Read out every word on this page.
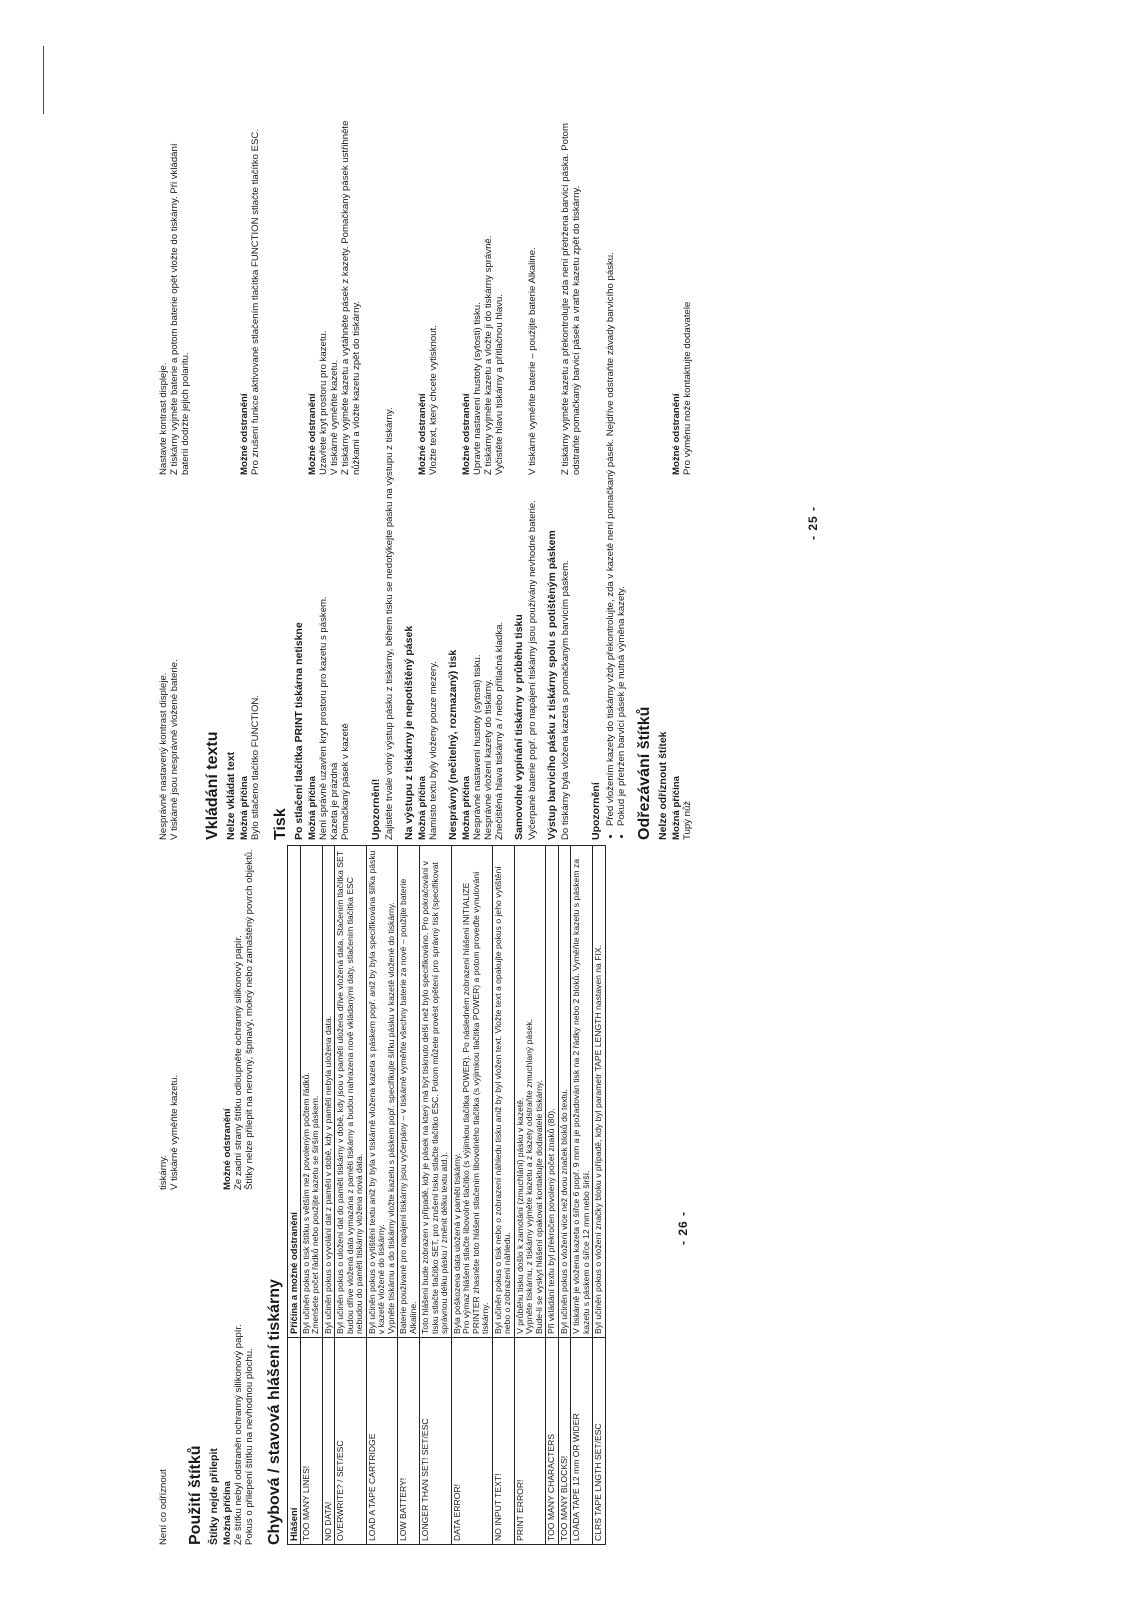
Není co odříznout
tiskárny.
V tiskárně vyměňte kazetu.
Použití štítků Štítky nejde přilepit Možná příčina
Možné odstranění
Ze štítku nebyl odstraněn ochranný silikonový papír.
Ze zadní strany štítku odloupněte ochranný silikonový papír.
Pokus o přilepení štítku na nevhodnou plochu.
Štítky nelze přilepit na nerovný, špinavý, mokrý nebo zamaštěný povrch objektů.
Chybová / stavová hlášení tiskárny Hlášení	Příčina a možné odstranění
TOO MANY LINES!	Byl učiněn pokus o tisk štítku s větším než povoleným počtem řádků.
Zmenšete počet řádků nebo použijte kazetu se širším páskem.
NO DATA!	Byl učiněn pokus o vyvolání dat z paměti v době, kdy v paměti nebyla uložena data.
OVERWRITE? / SET/ESC	Byl učiněn pokus o uložení dat do paměti tiskárny v době, kdy jsou v paměti uložena dříve vložená data. Stačením tlačítka SET budou dříve vložená data vymazána z paměti tiskárny a budou nahrazena nově vkládanými daty, stlačením tlačítka ESC nebudou do paměti tiskárny vložena nová data.
LOAD A TAPE CARTRIDGE	Byl učiněn pokus o vytištění textu aniž by byla v tiskárně vložena kazeta s páskem popř. aniž by byla specifikována šířka pásku v kazetě vložené do tiskárny.
Vypněte tiskárnu a do tiskárny vložte kazetu s páskem popř. specifikujte šířku pásku v kazetě vložené do tiskárny.
LOW BATTERY!	Baterie používané pro napájení tiskárny jsou vyčerpány – v tiskárně vyměňte všechny baterie za nové – použijte baterie Alkaline.
LONGER THAN SET! SET/ESC	Toto hlášení bude zobrazen v případě, kdy je pásek na který má být tisknuto delší než bylo specifikováno. Pro pokračování v tisku stlačte tlačítko SET, pro zrušení tisku stlačte tlačítko ESC. Potom můžete provést opětení pro správný tisk (specifikovat správnou délku pásku / změnit délku textu atd.).
DATA ERROR!	Byla poškozena data uložená v paměti tiskárny.
Pro výmaz hlášení stlačte libovolné tlačítko (s výjimkou tlačítka POWER). Po následném zobrazení hlášení INITIALIZE PRINTER zhasněte toto hlášení stlačením libovolného tlačítka (s výjimkou tlačítka POWER) a potom proveďte vynulování tiskárny.
NO INPUT TEXT!	Byl učiněn pokus o tisk nebo o zobrazení náhledu tisku aniž by byl vložen text. Vložte text a opakujte pokus o jeho vytištění nebo o zobrazení náhledu.
PRINT ERROR!	V průběhu tisku došlo k zamotání (zmuchlání) pásku v kazetě.
Vypněte tiskárnu, z tiskárny vyjměte kazetu a z kazety odstraňte zmuchlaný pásek.
Bude-li se vyskyt hlášení opakovat kontaktujte dodavatele tiskárny.
TOO MANY CHARACTERS	Při vkládání textu byl překročen povolený počet znaků (80).
TOO MANY BLOCKS!	Byl učiněn pokus o vložení více než dvou značek bloků do textu.
LOADA TAPE 12 mm OR WIDER	V tiskárně je vložena kazeta o šířce 6 popř. 9 mm a je požadován tisk na 2 řádky nebo 2 bloků. Vyměňte kazetu s páskem za kazetu s páskem o šířce 12 mm nebo širší.
CLRS TAPE LNGTH SET/ESC	Byl učiněn pokus o vložení značky bloku v případě, kdy byl parametr TAPE LENGTH nastaven na FIX.	- 26 -
Nesprávně nastavený kontrast displeje.
Nastavte kontrast displeje.
V tiskárně jsou nesprávně vložené baterie.
Z tiskárny vyjměte baterie a potom baterie opět vložte do tiskárny. Při vkládání baterií dodržte jejich polaritu.
Vkládání textu Nelze vkládat text Možná příčina
Možné odstranění
Bylo stlačeno tlačítko FUNCTION.
Pro zrušení funkce aktivované stlačením tlačítka FUNCTION stlačte tlačítko ESC.
Tisk Po stlačení tlačítka PRINT tiskárna netiskne Možná příčina
Možné odstranění
Není správně uzavřen kryt prostoru pro kazetu s páskem.
Uzavřete kryt prostoru pro kazetu.
Kazeta je prázdná
V tiskárně vyměňte kazetu.
Pomačkaný pásek v kazetě
Z tiskárny vyjměte kazetu a vytáhněte pásek z kazety. Pomačkaný pásek ustřihněte nůžkami a vložte kazetu zpět do tiskárny.
Upozornění! Zajistěte trvale volný výstup pásku z tiskárny, během tisku se nedotýkejte pásku na výstupu z tiskárny. Na výstupu z tiskárny je nepotištěný pásek Možná příčina
Možné odstranění
Namísto textu byly vloženy pouze mezery.
Vložte text, který chcete vytisknout.
Nesprávný (nečitelný, rozmazaný) tisk Možná příčina
Možné odstranění
Nesprávné nastavení hustoty (sytosti) tisku.
Upravte nastavení hustoty (sytosti) tisku.
Nesprávné vložení kazety do tiskárny.
Z tiskárny vyjměte kazetu a vložte ji do tiskárny správně.
Znečištěná hlava tiskárny a / nebo přítlačná kladka.
Vyčistěte hlavu tiskárny a přítlačnou hlavu.
Samovolné vypínání tiskárny v průběhu tisku Vyčerpané baterie popř. pro napájení tiskárny jsou používány nevhodné baterie.
V tiskárně vyměňte baterie – použijte baterie Alkaline.
Výstup barvicího pásku z tiskárny spolu s potištěným páskem Do tiskárny byla vložena kazeta s pomačkaným barvicím páskem.
Z tiskárny vyjměte kazetu a překontrolujte zda není přetržena barvicí páska. Potom odstraňte pomačkaný barvicí pásek a vraťte kazetu zpět do tiskárny.
Upozornění • Před vložením kazety do tiskárny vždy překontrolujte, zda v kazetě není pomačkaný pásek. Nejdříve odstraňte závady barvicího pásku. • Pokud je přetržen barvicí pásek je nutná výměna kazety. Odřezávání štítků Nelze odříznout štítek Možná příčina
Možné odstranění
Tupý nůž
Pro výměnu nože kontaktujte dodavatele
- 25 -
